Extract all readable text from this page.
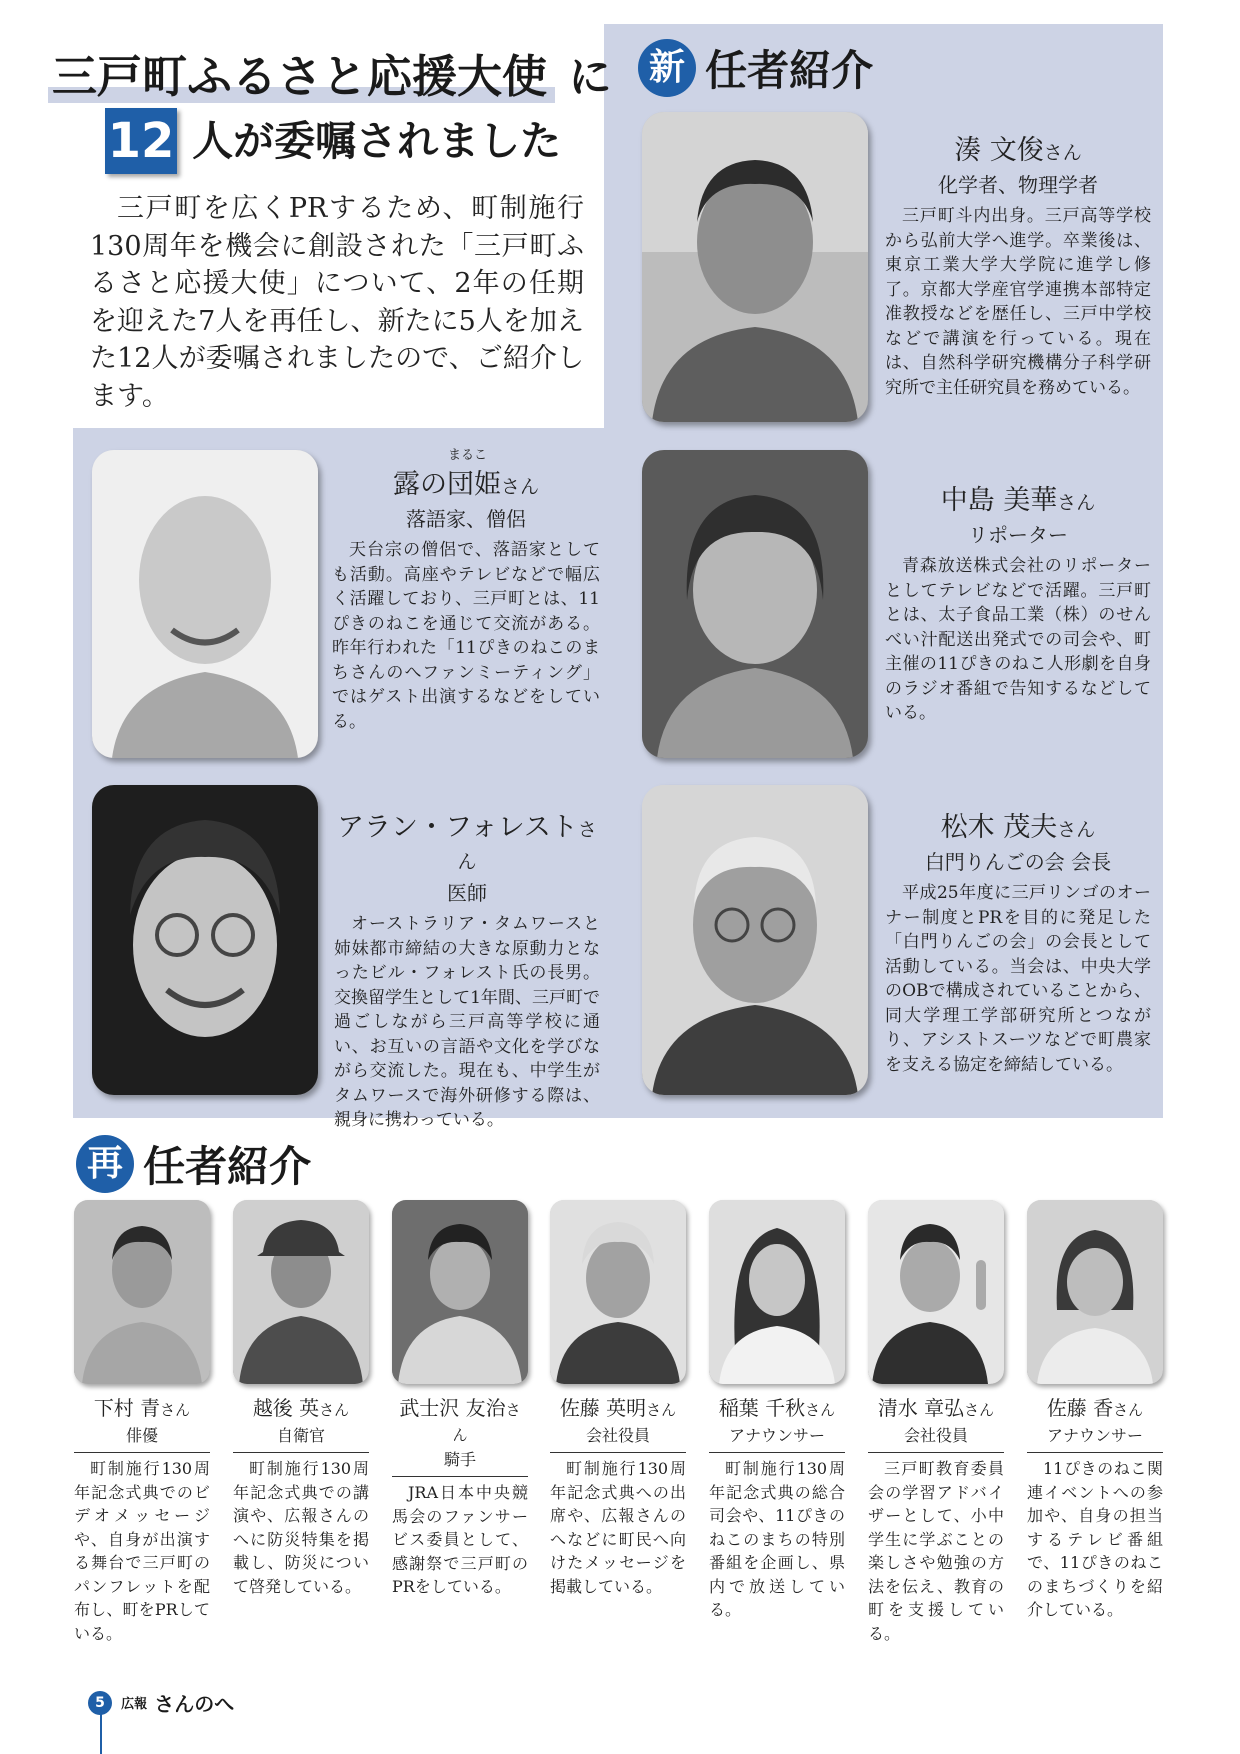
三戸町ふるさと応援大使 に
12 人が委嘱されました

三戸町を広くPRするため、町制施行130周年を機会に創設された「三戸町ふるさと応援大使」について、2年の任期を迎えた7人を再任し、新たに5人を加えた12人が委嘱されましたので、ご紹介します。

新 任者紹介
湊 文俊さん
化学者、物理学者
三戸町斗内出身。三戸高等学校から弘前大学へ進学。卒業後は、東京工業大学大学院に進学し修了。京都大学産官学連携本部特定准教授などを歴任し、三戸中学校などで講演を行っている。現在は、自然科学研究機構分子科学研究所で主任研究員を務めている。
まるこ
露の団姫さん
落語家、僧侶
天台宗の僧侶で、落語家としても活動。高座やテレビなどで幅広く活躍しており、三戸町とは、11ぴきのねこを通じて交流がある。昨年行われた「11ぴきのねこのまちさんのへファンミーティング」ではゲスト出演するなどをしている。
中島 美華さん
リポーター
青森放送株式会社のリポーターとしてテレビなどで活躍。三戸町とは、太子食品工業（株）のせんべい汁配送出発式での司会や、町主催の11ぴきのねこ人形劇を自身のラジオ番組で告知するなどしている。
アラン・フォレストさん
医師
オーストラリア・タムワースと姉妹都市締結の大きな原動力となったビル・フォレスト氏の長男。交換留学生として1年間、三戸町で過ごしながら三戸高等学校に通い、お互いの言語や文化を学びながら交流した。現在も、中学生がタムワースで海外研修する際は、親身に携わっている。
松木 茂夫さん
白門りんごの会 会長
平成25年度に三戸リンゴのオーナー制度とPRを目的に発足した「白門りんごの会」の会長として活動している。当会は、中央大学のOBで構成されていることから、同大学理工学部研究所とつながり、アシストスーツなどで町農家を支える協定を締結している。
再 任者紹介
下村 青さん
俳優
町制施行130周年記念式典でのビデオメッセージや、自身が出演する舞台で三戸町のパンフレットを配布し、町をPRしている。
越後 英さん
自衛官
町制施行130周年記念式典での講演や、広報さんのへに防災特集を掲載し、防災について啓発している。
武士沢 友治さん
騎手
JRA日本中央競馬会のファンサービス委員として、感謝祭で三戸町のPRをしている。
佐藤 英明さん
会社役員
町制施行130周年記念式典への出席や、広報さんのへなどに町民へ向けたメッセージを掲載している。
稲葉 千秋さん
アナウンサー
町制施行130周年記念式典の総合司会や、11ぴきのねこのまちの特別番組を企画し、県内で放送している。
清水 章弘さん
会社役員
三戸町教育委員会の学習アドバイザーとして、小中学生に学ぶことの楽しさや勉強の方法を伝え、教育の町を支援している。
佐藤 香さん
アナウンサー
11ぴきのねこ関連イベントへの参加や、自身の担当するテレビ番組で、11ぴきのねこのまちづくりを紹介している。
5 広報 さんのへ
